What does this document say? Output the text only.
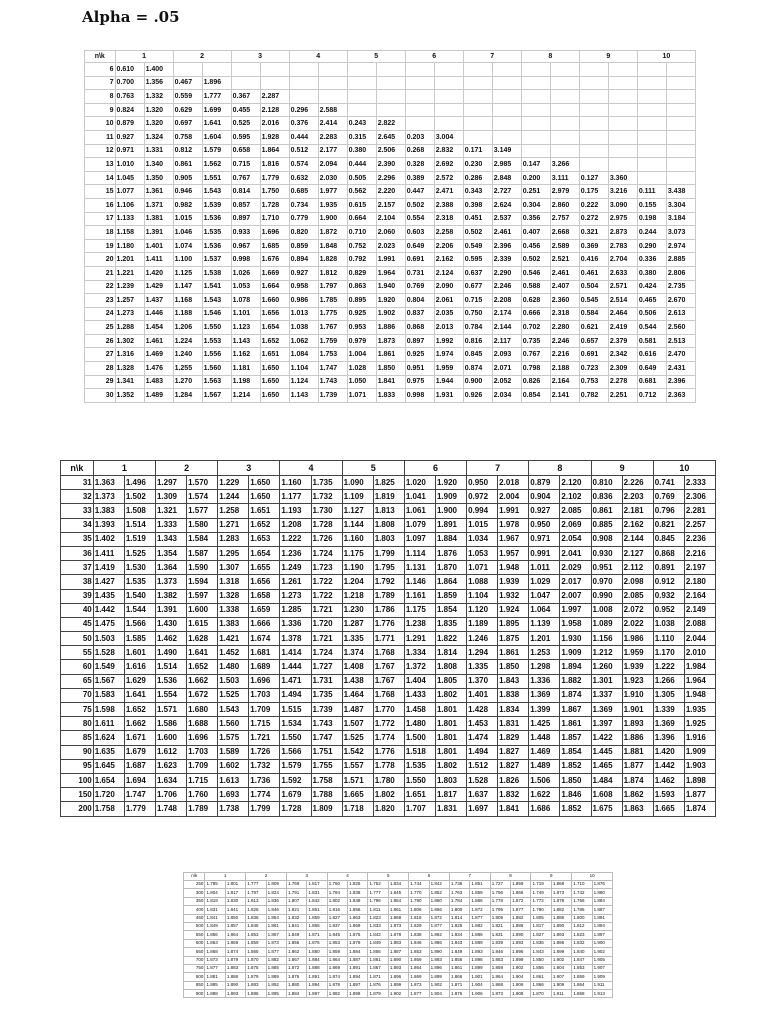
Alpha = .05
n\k	1		2		3		4		5		6		7		8		9		10	
6	0.610	1.400																		
7	0.700	1.356	0.467	1.896																
8	0.763	1.332	0.559	1.777	0.367	2.287														
9	0.824	1.320	0.629	1.699	0.455	2.128	0.296	2.588												
10	0.879	1.320	0.697	1.641	0.525	2.016	0.376	2.414	0.243	2.822										
11	0.927	1.324	0.758	1.604	0.595	1.928	0.444	2.283	0.315	2.645	0.203	3.004								
12	0.971	1.331	0.812	1.579	0.658	1.864	0.512	2.177	0.380	2.506	0.268	2.832	0.171	3.149						
13	1.010	1.340	0.861	1.562	0.715	1.816	0.574	2.094	0.444	2.390	0.328	2.692	0.230	2.985	0.147	3.266				
14	1.045	1.350	0.905	1.551	0.767	1.779	0.632	2.030	0.505	2.296	0.389	2.572	0.286	2.848	0.200	3.111	0.127	3.360		
15	1.077	1.361	0.946	1.543	0.814	1.750	0.685	1.977	0.562	2.220	0.447	2.471	0.343	2.727	0.251	2.979	0.175	3.216	0.111	3.438
16	1.106	1.371	0.982	1.539	0.857	1.728	0.734	1.935	0.615	2.157	0.502	2.388	0.398	2.624	0.304	2.860	0.222	3.090	0.155	3.304
17	1.133	1.381	1.015	1.536	0.897	1.710	0.779	1.900	0.664	2.104	0.554	2.318	0.451	2.537	0.356	2.757	0.272	2.975	0.198	3.184
18	1.158	1.391	1.046	1.535	0.933	1.696	0.820	1.872	0.710	2.060	0.603	2.258	0.502	2.461	0.407	2.668	0.321	2.873	0.244	3.073
19	1.180	1.401	1.074	1.536	0.967	1.685	0.859	1.848	0.752	2.023	0.649	2.206	0.549	2.396	0.456	2.589	0.369	2.783	0.290	2.974
20	1.201	1.411	1.100	1.537	0.998	1.676	0.894	1.828	0.792	1.991	0.691	2.162	0.595	2.339	0.502	2.521	0.416	2.704	0.336	2.885
21	1.221	1.420	1.125	1.538	1.026	1.669	0.927	1.812	0.829	1.964	0.731	2.124	0.637	2.290	0.546	2.461	0.461	2.633	0.380	2.806
22	1.239	1.429	1.147	1.541	1.053	1.664	0.958	1.797	0.863	1.940	0.769	2.090	0.677	2.246	0.588	2.407	0.504	2.571	0.424	2.735
23	1.257	1.437	1.168	1.543	1.078	1.660	0.986	1.785	0.895	1.920	0.804	2.061	0.715	2.208	0.628	2.360	0.545	2.514	0.465	2.670
24	1.273	1.446	1.188	1.546	1.101	1.656	1.013	1.775	0.925	1.902	0.837	2.035	0.750	2.174	0.666	2.318	0.584	2.464	0.506	2.613
25	1.288	1.454	1.206	1.550	1.123	1.654	1.038	1.767	0.953	1.886	0.868	2.013	0.784	2.144	0.702	2.280	0.621	2.419	0.544	2.560
26	1.302	1.461	1.224	1.553	1.143	1.652	1.062	1.759	0.979	1.873	0.897	1.992	0.816	2.117	0.735	2.246	0.657	2.379	0.581	2.513
27	1.316	1.469	1.240	1.556	1.162	1.651	1.084	1.753	1.004	1.861	0.925	1.974	0.845	2.093	0.767	2.216	0.691	2.342	0.616	2.470
28	1.328	1.476	1.255	1.560	1.181	1.650	1.104	1.747	1.028	1.850	0.951	1.959	0.874	2.071	0.798	2.188	0.723	2.309	0.649	2.431
29	1.341	1.483	1.270	1.563	1.198	1.650	1.124	1.743	1.050	1.841	0.975	1.944	0.900	2.052	0.826	2.164	0.753	2.278	0.681	2.396
30	1.352	1.489	1.284	1.567	1.214	1.650	1.143	1.739	1.071	1.833	0.998	1.931	0.926	2.034	0.854	2.141	0.782	2.251	0.712	2.363
n\k	1		2		3		4		5		6		7		8		9		10	
31	1.363	1.496	1.297	1.570	1.229	1.650	1.160	1.735	1.090	1.825	1.020	1.920	0.950	2.018	0.879	2.120	0.810	2.226	0.741	2.333
32	1.373	1.502	1.309	1.574	1.244	1.650	1.177	1.732	1.109	1.819	1.041	1.909	0.972	2.004	0.904	2.102	0.836	2.203	0.769	2.306
33	1.383	1.508	1.321	1.577	1.258	1.651	1.193	1.730	1.127	1.813	1.061	1.900	0.994	1.991	0.927	2.085	0.861	2.181	0.796	2.281
34	1.393	1.514	1.333	1.580	1.271	1.652	1.208	1.728	1.144	1.808	1.079	1.891	1.015	1.978	0.950	2.069	0.885	2.162	0.821	2.257
35	1.402	1.519	1.343	1.584	1.283	1.653	1.222	1.726	1.160	1.803	1.097	1.884	1.034	1.967	0.971	2.054	0.908	2.144	0.845	2.236
36	1.411	1.525	1.354	1.587	1.295	1.654	1.236	1.724	1.175	1.799	1.114	1.876	1.053	1.957	0.991	2.041	0.930	2.127	0.868	2.216
37	1.419	1.530	1.364	1.590	1.307	1.655	1.249	1.723	1.190	1.795	1.131	1.870	1.071	1.948	1.011	2.029	0.951	2.112	0.891	2.197
38	1.427	1.535	1.373	1.594	1.318	1.656	1.261	1.722	1.204	1.792	1.146	1.864	1.088	1.939	1.029	2.017	0.970	2.098	0.912	2.180
39	1.435	1.540	1.382	1.597	1.328	1.658	1.273	1.722	1.218	1.789	1.161	1.859	1.104	1.932	1.047	2.007	0.990	2.085	0.932	2.164
40	1.442	1.544	1.391	1.600	1.338	1.659	1.285	1.721	1.230	1.786	1.175	1.854	1.120	1.924	1.064	1.997	1.008	2.072	0.952	2.149
45	1.475	1.566	1.430	1.615	1.383	1.666	1.336	1.720	1.287	1.776	1.238	1.835	1.189	1.895	1.139	1.958	1.089	2.022	1.038	2.088
50	1.503	1.585	1.462	1.628	1.421	1.674	1.378	1.721	1.335	1.771	1.291	1.822	1.246	1.875	1.201	1.930	1.156	1.986	1.110	2.044
55	1.528	1.601	1.490	1.641	1.452	1.681	1.414	1.724	1.374	1.768	1.334	1.814	1.294	1.861	1.253	1.909	1.212	1.959	1.170	2.010
60	1.549	1.616	1.514	1.652	1.480	1.689	1.444	1.727	1.408	1.767	1.372	1.808	1.335	1.850	1.298	1.894	1.260	1.939	1.222	1.984
65	1.567	1.629	1.536	1.662	1.503	1.696	1.471	1.731	1.438	1.767	1.404	1.805	1.370	1.843	1.336	1.882	1.301	1.923	1.266	1.964
70	1.583	1.641	1.554	1.672	1.525	1.703	1.494	1.735	1.464	1.768	1.433	1.802	1.401	1.838	1.369	1.874	1.337	1.910	1.305	1.948
75	1.598	1.652	1.571	1.680	1.543	1.709	1.515	1.739	1.487	1.770	1.458	1.801	1.428	1.834	1.399	1.867	1.369	1.901	1.339	1.935
80	1.611	1.662	1.586	1.688	1.560	1.715	1.534	1.743	1.507	1.772	1.480	1.801	1.453	1.831	1.425	1.861	1.397	1.893	1.369	1.925
85	1.624	1.671	1.600	1.696	1.575	1.721	1.550	1.747	1.525	1.774	1.500	1.801	1.474	1.829	1.448	1.857	1.422	1.886	1.396	1.916
90	1.635	1.679	1.612	1.703	1.589	1.726	1.566	1.751	1.542	1.776	1.518	1.801	1.494	1.827	1.469	1.854	1.445	1.881	1.420	1.909
95	1.645	1.687	1.623	1.709	1.602	1.732	1.579	1.755	1.557	1.778	1.535	1.802	1.512	1.827	1.489	1.852	1.465	1.877	1.442	1.903
100	1.654	1.694	1.634	1.715	1.613	1.736	1.592	1.758	1.571	1.780	1.550	1.803	1.528	1.826	1.506	1.850	1.484	1.874	1.462	1.898
150	1.720	1.747	1.706	1.760	1.693	1.774	1.679	1.788	1.665	1.802	1.651	1.817	1.637	1.832	1.622	1.846	1.608	1.862	1.593	1.877
200	1.758	1.779	1.748	1.789	1.738	1.799	1.728	1.809	1.718	1.820	1.707	1.831	1.697	1.841	1.686	1.852	1.675	1.863	1.665	1.874
n\k	1		2		3		4		5		6		7		8		9		10	
250	1.785	1.801	1.777	1.809	1.769	1.817	1.760	1.825	1.752	1.834	1.744	1.842	1.736	1.851	1.727	1.859	1.719	1.868	1.710	1.876
300	1.804	1.817	1.797	1.824	1.791	1.831	1.784	1.838	1.777	1.845	1.770	1.852	1.763	1.859	1.756	1.866	1.749	1.873	1.742	1.880
350	1.819	1.830	1.813	1.836	1.807	1.842	1.802	1.848	1.796	1.854	1.790	1.860	1.784	1.866	1.778	1.872	1.772	1.878	1.766	1.884
400	1.831	1.841	1.826	1.846	1.821	1.851	1.816	1.856	1.811	1.861	1.806	1.866	1.800	1.872	1.795	1.877	1.790	1.882	1.785	1.887
450	1.841	1.850	1.836	1.854	1.832	1.859	1.827	1.863	1.823	1.868	1.818	1.872	1.814	1.877	1.809	1.882	1.805	1.886	1.800	1.891
500	1.849	1.857	1.845	1.861	1.841	1.865	1.837	1.869	1.833	1.873	1.829	1.877	1.825	1.882	1.821	1.886	1.817	1.890	1.812	1.894
550	1.856	1.864	1.853	1.867	1.849	1.871	1.845	1.875	1.842	1.878	1.838	1.882	1.834	1.886	1.831	1.890	1.827	1.893	1.823	1.897
600	1.863	1.869	1.859	1.873	1.856	1.876	1.853	1.879	1.849	1.883	1.846	1.886	1.843	1.889	1.839	1.893	1.836	1.896	1.832	1.900
650	1.868	1.874	1.865	1.877	1.862	1.880	1.859	1.884	1.856	1.887	1.853	1.890	1.849	1.893	1.846	1.896	1.843	1.899	1.840	1.902
700	1.873	1.879	1.870	1.882	1.867	1.884	1.864	1.887	1.861	1.890	1.859	1.893	1.856	1.896	1.853	1.899	1.850	1.902	1.847	1.905
750	1.877	1.883	1.875	1.885	1.872	1.888	1.869	1.891	1.867	1.893	1.864	1.896	1.861	1.899	1.859	1.902	1.856	1.904	1.853	1.907
800	1.881	1.886	1.879	1.889	1.876	1.891	1.874	1.894	1.871	1.896	1.869	1.899	1.866	1.901	1.864	1.904	1.861	1.907	1.859	1.909
850	1.885	1.890	1.883	1.892	1.880	1.894	1.878	1.897	1.876	1.899	1.873	1.902	1.871	1.904	1.868	1.906	1.866	1.909	1.864	1.911
900	1.888	1.893	1.886	1.895	1.884	1.897	1.882	1.899	1.879	1.902	1.877	1.904	1.875	1.906	1.873	1.908	1.870	1.911	1.868	1.913
